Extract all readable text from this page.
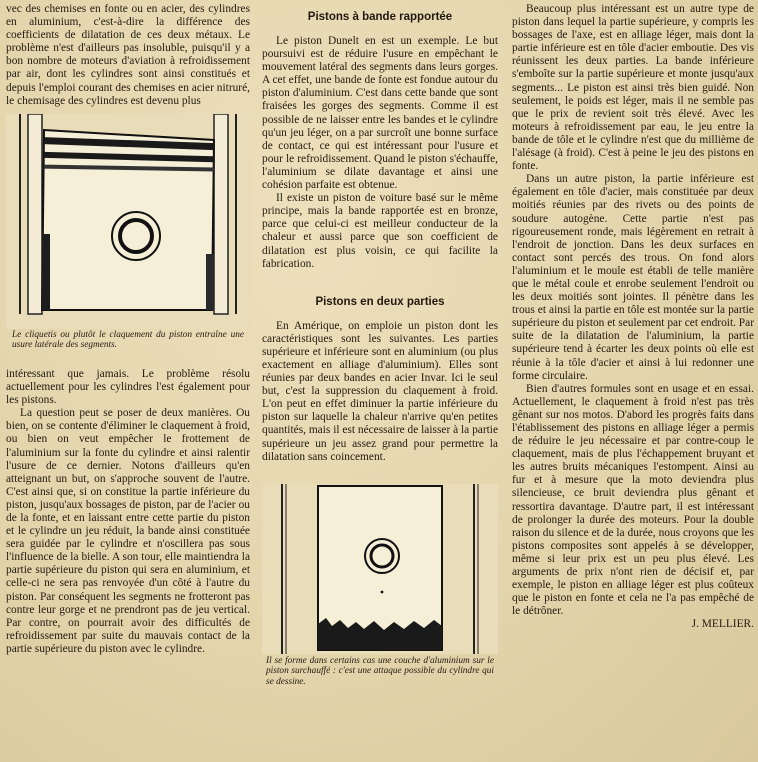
vec des chemises en fonte ou en acier, des cylindres en aluminium, c'est-à-dire la différence des coefficients de dilatation de ces deux métaux. Le problème n'est d'ailleurs pas insoluble, puisqu'il y a bon nombre de moteurs d'aviation à refroidissement par air, dont les cylindres sont ainsi constitués et depuis l'emploi courant des chemises en acier nitruré, le chemisage des cylindres est devenu plus

Le cliquetis ou plutôt le claquement du piston entraîne une usure latérale des segments.

intéressant que jamais. Le problème résolu actuellement pour les cylindres l'est également pour les pistons.

La question peut se poser de deux manières. Ou bien, on se contente d'éliminer le claquement à froid, ou bien on veut empêcher le frottement de l'aluminium sur la fonte du cylindre et ainsi ralentir l'usure de ce dernier. Notons d'ailleurs qu'en atteignant un but, on s'approche souvent de l'autre. C'est ainsi que, si on constitue la partie inférieure du piston, jusqu'aux bossages de piston, par de l'acier ou de la fonte, et en laissant entre cette partie du piston et le cylindre un jeu réduit, la bande ainsi constituée sera guidée par le cylindre et n'oscillera pas sous l'influence de la bielle. A son tour, elle maintiendra la partie supérieure du piston qui sera en aluminium, et celle-ci ne sera pas renvoyée d'un côté à l'autre du piston. Par conséquent les segments ne frotteront pas contre leur gorge et ne prendront pas de jeu vertical. Par contre, on pourrait avoir des difficultés de refroidissement par suite du mauvais contact de la partie supérieure du piston avec le cylindre.

Pistons à bande rapportée

Le piston Dunelt en est un exemple. Le but poursuivi est de réduire l'usure en empêchant le mouvement latéral des segments dans leurs gorges. A cet effet, une bande de fonte est fondue autour du piston d'aluminium. C'est dans cette bande que sont fraisées les gorges des segments. Comme il est possible de ne laisser entre les bandes et le cylindre qu'un jeu léger, on a par surcroît une bonne surface de contact, ce qui est intéressant pour l'usure et pour le refroidissement. Quand le piston s'échauffe, l'aluminium se dilate davantage et ainsi une cohésion parfaite est obtenue.

Il existe un piston de voiture basé sur le même principe, mais la bande rapportée est en bronze, parce que celui-ci est meilleur conducteur de la chaleur et aussi parce que son coefficient de dilatation est plus voisin, ce qui facilite la fabrication.

Pistons en deux parties

En Amérique, on emploie un piston dont les caractéristiques sont les suivantes. Les parties supérieure et inférieure sont en aluminium (ou plus exactement en alliage d'aluminium). Elles sont réunies par deux bandes en acier Invar. Ici le seul but, c'est la suppression du claquement à froid. L'on peut en effet diminuer la partie inférieure du piston sur laquelle la chaleur n'arrive qu'en petites quantités, mais il est nécessaire de laisser à la partie supérieure un jeu assez grand pour permettre la dilatation sans coincement.

Il se forme dans certains cas une couche d'aluminium sur le piston surchauffé : c'est une attaque possible du cylindre qui se dessine.

Beaucoup plus intéressant est un autre type de piston dans lequel la partie supérieure, y compris les bossages de l'axe, est en alliage léger, mais dont la partie inférieure est en tôle d'acier emboutie. Des vis réunissent les deux parties. La bande inférieure s'emboîte sur la partie supérieure et monte jusqu'aux segments... Le piston est ainsi très bien guidé. Non seulement, le poids est léger, mais il ne semble pas que le prix de revient soit très élevé. Avec les moteurs à refroidissement par eau, le jeu entre la bande de tôle et le cylindre n'est que du millième de l'alésage (à froid). C'est à peine le jeu des pistons en fonte.

Dans un autre piston, la partie inférieure est également en tôle d'acier, mais constituée par deux moitiés réunies par des rivets ou des points de soudure autogène. Cette partie n'est pas rigoureusement ronde, mais légèrement en retrait à l'endroit de jonction. Dans les deux surfaces en contact sont percés des trous. On fond alors l'aluminium et le moule est établi de telle manière que le métal coule et enrobe seulement l'endroit ou les deux moitiés sont jointes. Il pénètre dans les trous et ainsi la partie en tôle est montée sur la partie supérieure du piston et seulement par cet endroit. Par suite de la dilatation de l'aluminium, la partie supérieure tend à écarter les deux points où elle est réunie à la tôle d'acier et ainsi à lui redonner une forme circulaire.

Bien d'autres formules sont en usage et en essai. Actuellement, le claquement à froid n'est pas très gênant sur nos motos. D'abord les progrès faits dans l'établissement des pistons en alliage léger a permis de réduire le jeu nécessaire et par contre-coup le claquement, mais de plus l'échappement bruyant et les autres bruits mécaniques l'estompent. Ainsi au fur et à mesure que la moto deviendra plus silencieuse, ce bruit deviendra plus gênant et ressortira davantage. D'autre part, il est intéressant de prolonger la durée des moteurs. Pour la double raison du silence et de la durée, nous croyons que les pistons composites sont appelés à se développer, même si leur prix est un peu plus élevé. Les arguments de prix n'ont rien de décisif et, par exemple, le piston en alliage léger est plus coûteux que le piston en fonte et cela ne l'a pas empêché de le détrôner.

J. MELLIER.
